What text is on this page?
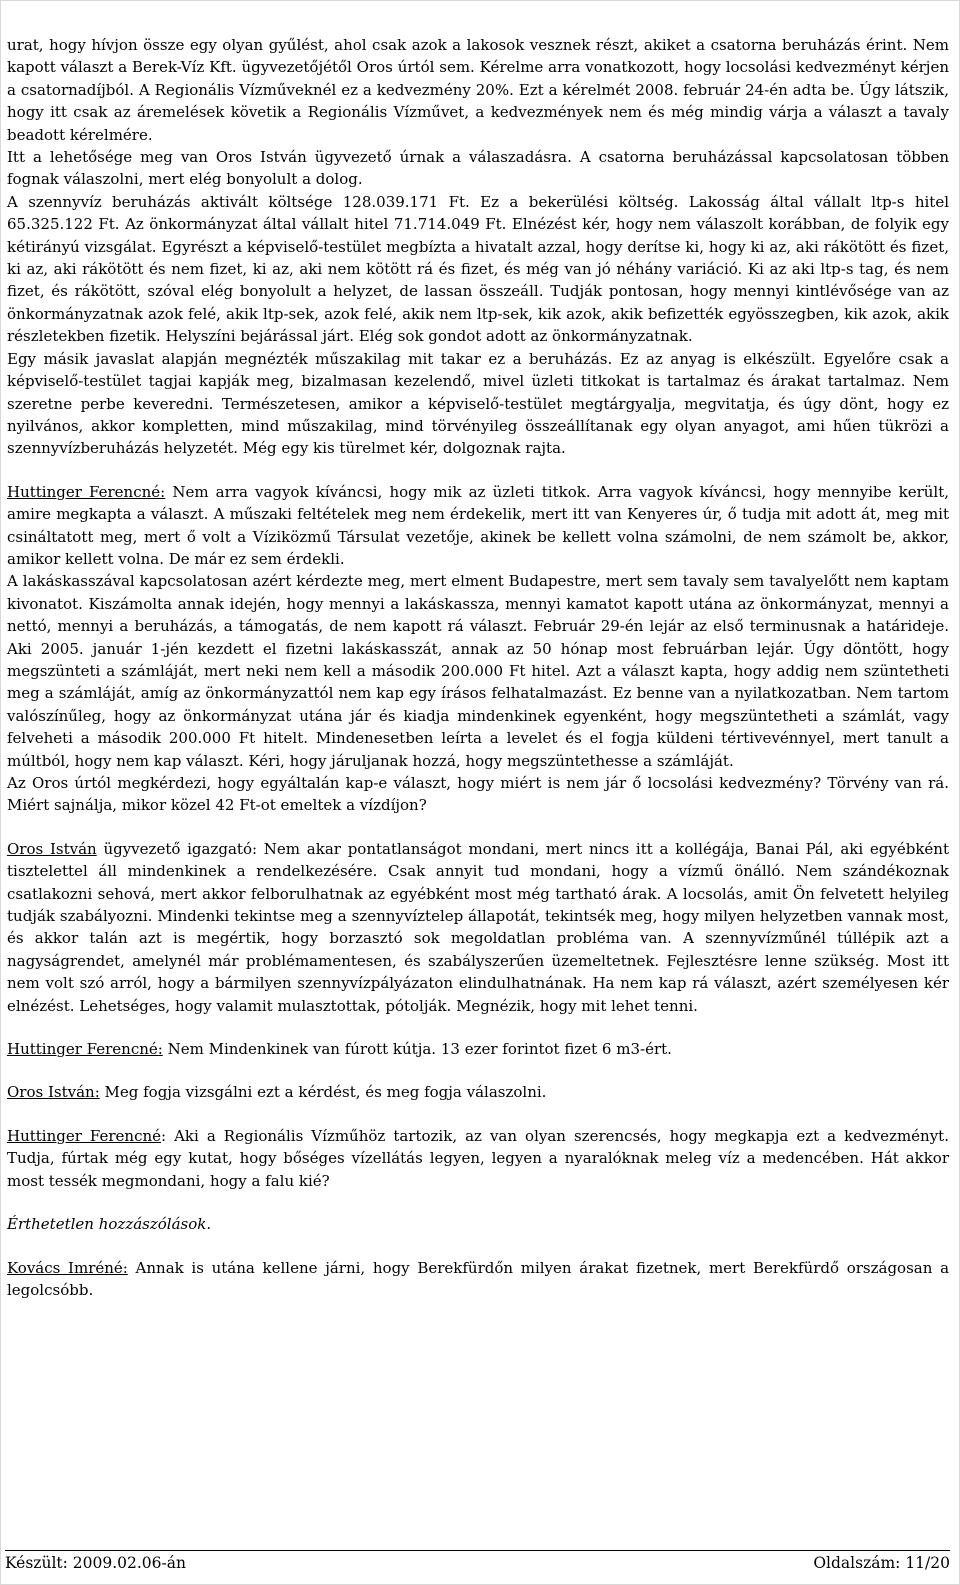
urat, hogy hívjon össze egy olyan gyűlést, ahol csak azok a lakosok vesznek részt, akiket a csatorna beruházás érint. Nem kapott választ a Berek-Víz Kft. ügyvezetőjétől Oros úrtól sem. Kérelme arra vonatkozott, hogy locsolási kedvezményt kérjen a csatornadíjból. A Regionális Vízműveknél ez a kedvezmény 20%. Ezt a kérelmét 2008. február 24-én adta be. Úgy látszik, hogy itt csak az áremelések követik a Regionális Vízművet, a kedvezmények nem és még mindig várja a választ a tavaly beadott kérelmére.

Itt a lehetősége meg van Oros István ügyvezető úrnak a válaszadásra. A csatorna beruházással kapcsolatosan többen fognak válaszolni, mert elég bonyolult a dolog.

A szennyvíz beruházás aktivált költsége 128.039.171 Ft. Ez a bekerülési költség. Lakosság által vállalt ltp-s hitel 65.325.122 Ft. Az önkormányzat által vállalt hitel 71.714.049 Ft. Elnézést kér, hogy nem válaszolt korábban, de folyik egy kétirányú vizsgálat. Egyrészt a képviselő-testület megbízta a hivatalt azzal, hogy derítse ki, hogy ki az, aki rákötött és fizet, ki az, aki rákötött és nem fizet, ki az, aki nem kötött rá és fizet, és még van jó néhány variáció. Ki az aki ltp-s tag, és nem fizet, és rákötött, szóval elég bonyolult a helyzet, de lassan összeáll. Tudják pontosan, hogy mennyi kintlévősége van az önkormányzatnak azok felé, akik ltp-sek, azok felé, akik nem ltp-sek, kik azok, akik befizették egyösszegben, kik azok, akik részletekben fizetik. Helyszíni bejárással járt. Elég sok gondot adott az önkormányzatnak.

Egy másik javaslat alapján megnézték műszakilag mit takar ez a beruházás. Ez az anyag is elkészült. Egyelőre csak a képviselő-testület tagjai kapják meg, bizalmasan kezelendő, mivel üzleti titkokat is tartalmaz és árakat tartalmaz. Nem szeretne perbe keveredni. Természetesen, amikor a képviselő-testület megtárgyalja, megvitatja, és úgy dönt, hogy ez nyilvános, akkor kompletten, mind műszakilag, mind törvényileg összeállítanak egy olyan anyagot, ami hűen tükrözi a szennyvízberuházás helyzetét. Még egy kis türelmet kér, dolgoznak rajta.

Huttinger Ferencné: Nem arra vagyok kíváncsi, hogy mik az üzleti titkok. Arra vagyok kíváncsi, hogy mennyibe került, amire megkapta a választ. A műszaki feltételek meg nem érdekelik, mert itt van Kenyeres úr, ő tudja mit adott át, meg mit csináltatott meg, mert ő volt a Víziközmű Társulat vezetője, akinek be kellett volna számolni, de nem számolt be, akkor, amikor kellett volna. De már ez sem érdekli.

A lakáskasszával kapcsolatosan azért kérdezte meg, mert elment Budapestre, mert sem tavaly sem tavalyelőtt nem kaptam kivonatot. Kiszámolta annak idején, hogy mennyi a lakáskassza, mennyi kamatot kapott utána az önkormányzat, mennyi a nettó, mennyi a beruházás, a támogatás, de nem kapott rá választ. Február 29-én lejár az első terminusnak a határideje. Aki 2005. január 1-jén kezdett el fizetni lakáskasszát, annak az 50 hónap most februárban lejár. Úgy döntött, hogy megszünteti a számláját, mert neki nem kell a második 200.000 Ft hitel. Azt a választ kapta, hogy addig nem szüntetheti meg a számláját, amíg az önkormányzattól nem kap egy írásos felhatalmazást. Ez benne van a nyilatkozatban. Nem tartom valószínűleg, hogy az önkormányzat utána jár és kiadja mindenkinek egyenként, hogy megszüntetheti a számlát, vagy felveheti a második 200.000 Ft hitelt. Mindenesetben leírta a levelet és el fogja küldeni tértivevénnyel, mert tanult a múltból, hogy nem kap választ. Kéri, hogy járuljanak hozzá, hogy megszüntethesse a számláját.

Az Oros úrtól megkérdezi, hogy egyáltalán kap-e választ, hogy miért is nem jár ő locsolási kedvezmény? Törvény van rá. Miért sajnálja, mikor közel 42 Ft-ot emeltek a vízdíjon?

Oros István ügyvezető igazgató: Nem akar pontatlanságot mondani, mert nincs itt a kollégája, Banai Pál, aki egyébként tisztelettel áll mindenkinek a rendelkezésére. Csak annyit tud mondani, hogy a vízmű önálló. Nem szándékoznak csatlakozni sehová, mert akkor felborulhatnak az egyébként most még tartható árak. A locsolás, amit Ön felvetett helyileg tudják szabályozni. Mindenki tekintse meg a szennyvíztelep állapotát, tekintsék meg, hogy milyen helyzetben vannak most, és akkor talán azt is megértik, hogy borzasztó sok megoldatlan probléma van. A szennyvízműnél túllépik azt a nagyságrendet, amelynél már problémamentesen, és szabályszerűen üzemeltetnek. Fejlesztésre lenne szükség. Most itt nem volt szó arról, hogy a bármilyen szennyvízpályázaton elindulhatnának. Ha nem kap rá választ, azért személyesen kér elnézést. Lehetséges, hogy valamit mulasztottak, pótolják. Megnézik, hogy mit lehet tenni.

Huttinger Ferencné: Nem Mindenkinek van fúrott kútja. 13 ezer forintot fizet 6 m3-ért.

Oros István: Meg fogja vizsgálni ezt a kérdést, és meg fogja válaszolni.

Huttinger Ferencné: Aki a Regionális Vízműhöz tartozik, az van olyan szerencsés, hogy megkapja ezt a kedvezményt. Tudja, fúrtak még egy kutat, hogy bőséges vízellátás legyen, legyen a nyaralóknak meleg víz a medencében. Hát akkor most tessék megmondani, hogy a falu kié?

Érthetetlen hozzászólások.

Kovács Imréné: Annak is utána kellene járni, hogy Berekfürdőn milyen árakat fizetnek, mert Berekfürdő országosan a legolcsóbb.

Készült: 2009.02.06-án	Oldalszám: 11/20
